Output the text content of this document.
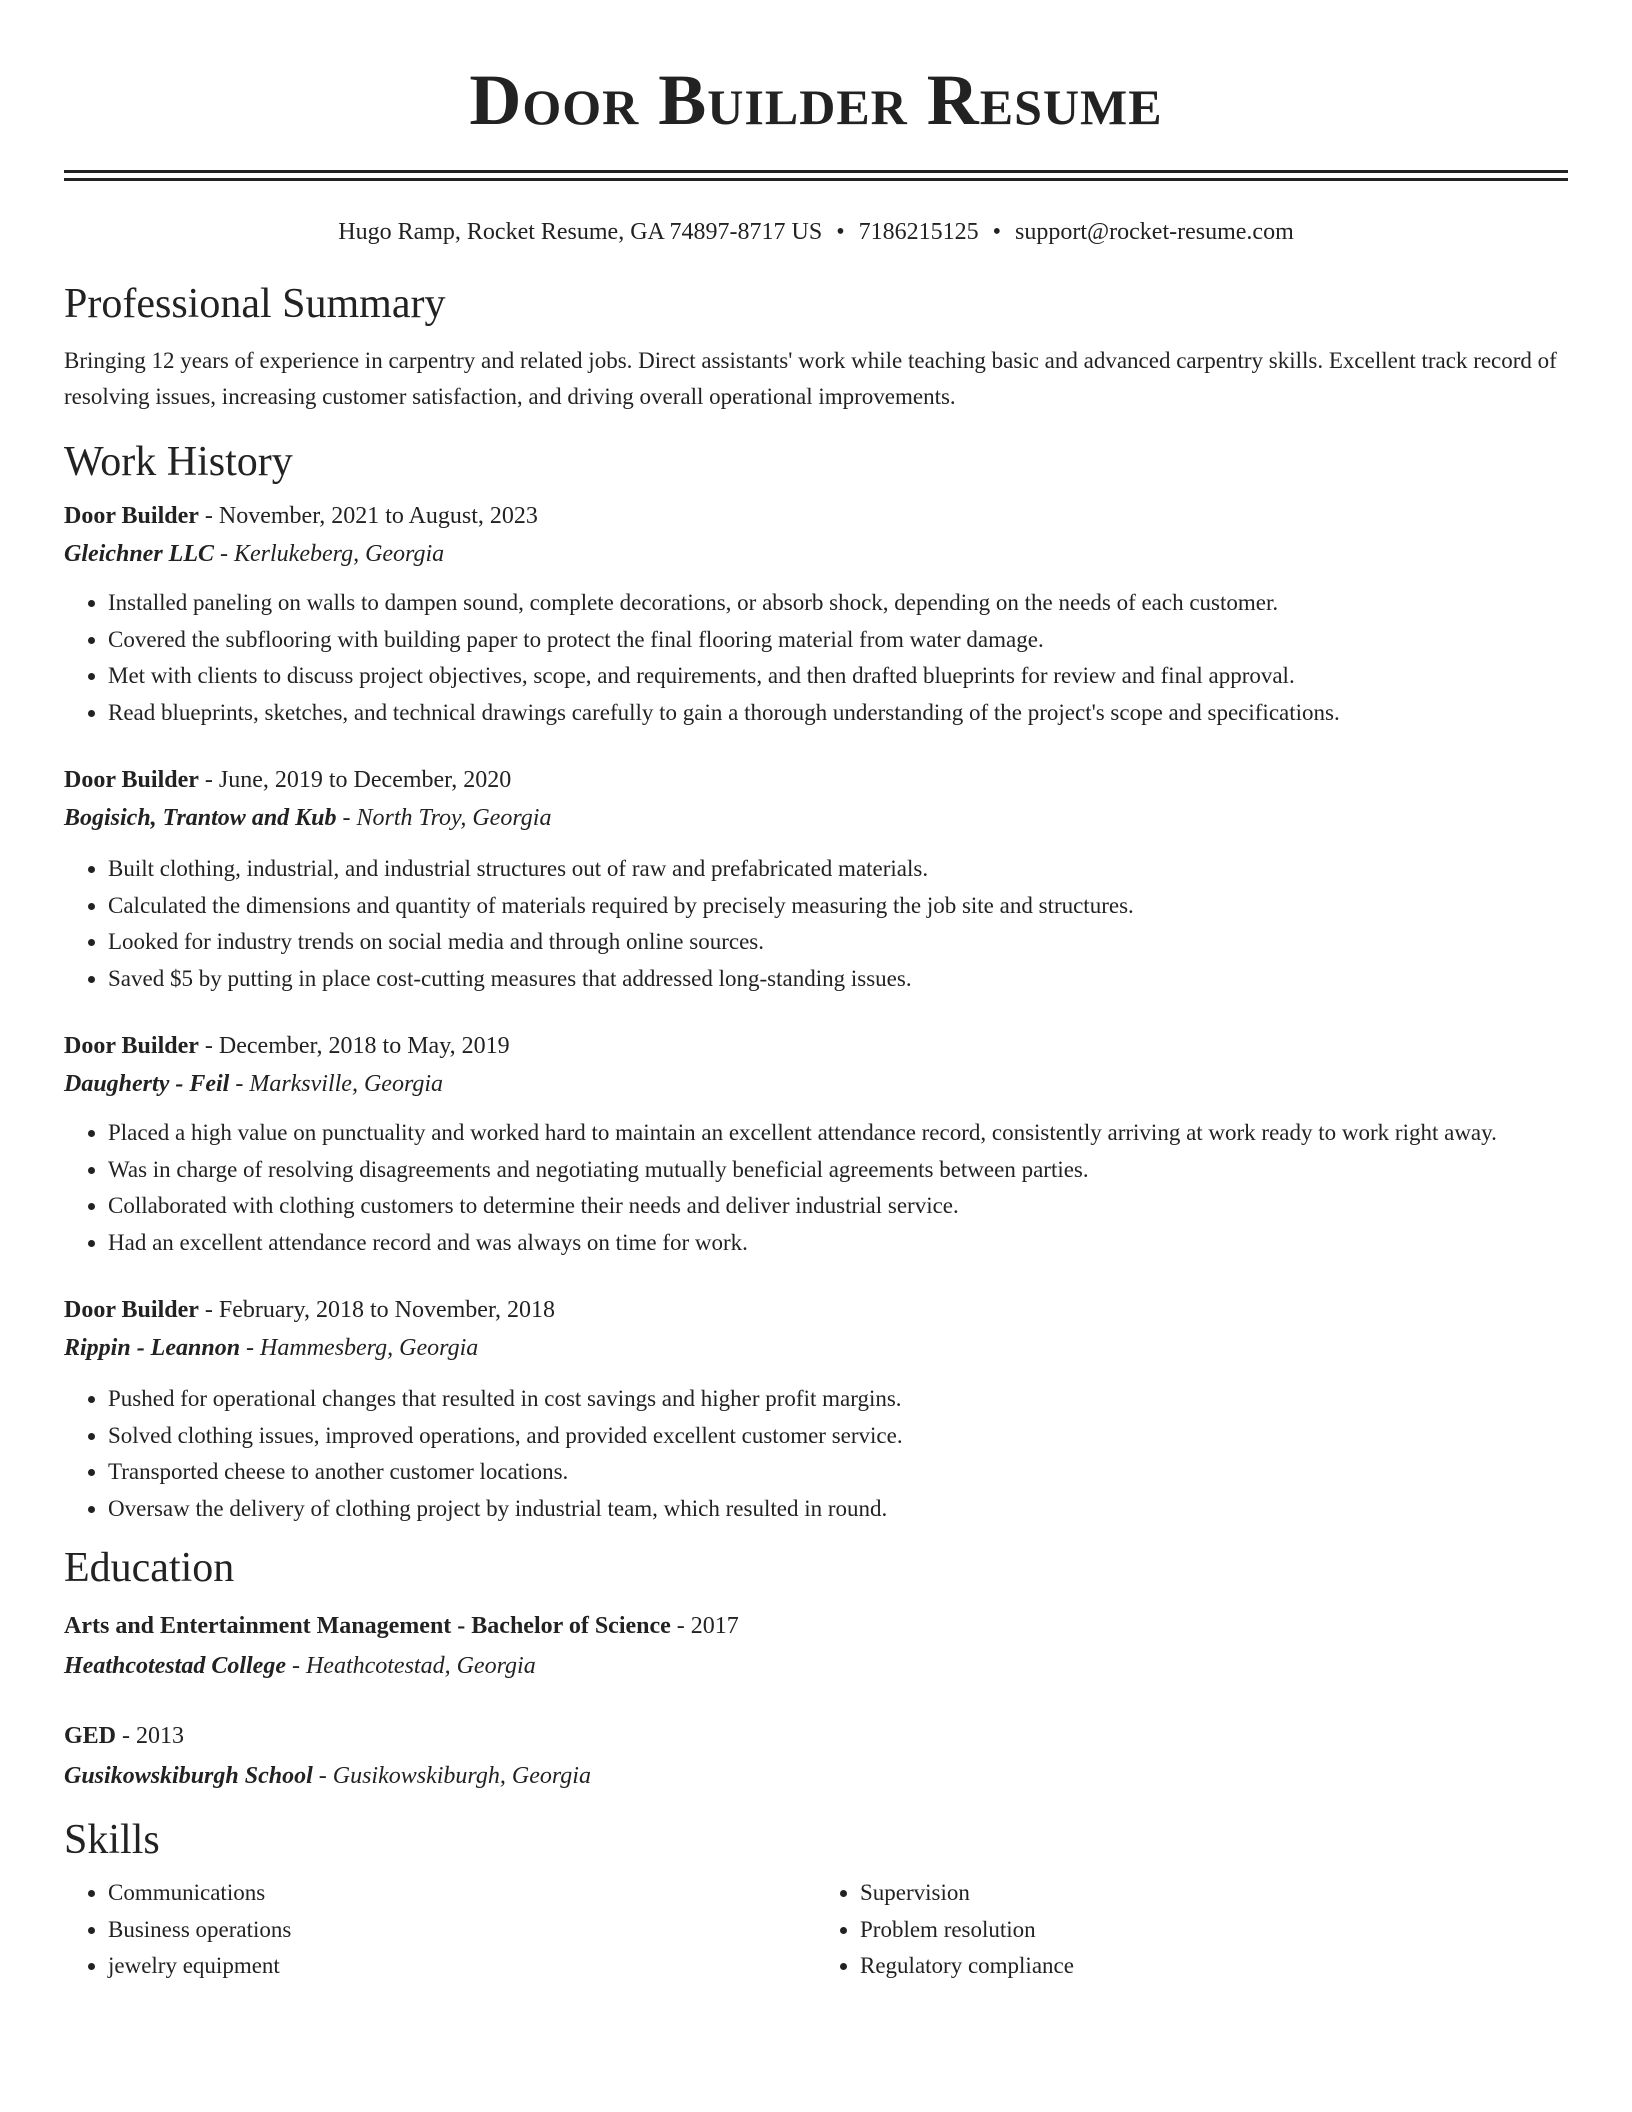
Door Builder Resume
Hugo Ramp, Rocket Resume, GA 74897-8717 US • 7186215125 • support@rocket-resume.com
Professional Summary

Bringing 12 years of experience in carpentry and related jobs. Direct assistants' work while teaching basic and advanced carpentry skills. Excellent track record of resolving issues, increasing customer satisfaction, and driving overall operational improvements.

Work History

Door Builder - November, 2021 to August, 2023

Gleichner LLC - Kerlukeberg, Georgia

• Installed paneling on walls to dampen sound, complete decorations, or absorb shock, depending on the needs of each customer.
• Covered the subflooring with building paper to protect the final flooring material from water damage.
• Met with clients to discuss project objectives, scope, and requirements, and then drafted blueprints for review and final approval.
• Read blueprints, sketches, and technical drawings carefully to gain a thorough understanding of the project's scope and specifications.

Door Builder - June, 2019 to December, 2020

Bogisich, Trantow and Kub - North Troy, Georgia

• Built clothing, industrial, and industrial structures out of raw and prefabricated materials.
• Calculated the dimensions and quantity of materials required by precisely measuring the job site and structures.
• Looked for industry trends on social media and through online sources.
• Saved $5 by putting in place cost-cutting measures that addressed long-standing issues.

Door Builder - December, 2018 to May, 2019

Daugherty - Feil - Marksville, Georgia

• Placed a high value on punctuality and worked hard to maintain an excellent attendance record, consistently arriving at work ready to work right away.
• Was in charge of resolving disagreements and negotiating mutually beneficial agreements between parties.
• Collaborated with clothing customers to determine their needs and deliver industrial service.
• Had an excellent attendance record and was always on time for work.

Door Builder - February, 2018 to November, 2018

Rippin - Leannon - Hammesberg, Georgia

• Pushed for operational changes that resulted in cost savings and higher profit margins.
• Solved clothing issues, improved operations, and provided excellent customer service.
• Transported cheese to another customer locations.
• Oversaw the delivery of clothing project by industrial team, which resulted in round.
Education

Arts and Entertainment Management - Bachelor of Science - 2017

Heathcotestad College - Heathcotestad, Georgia

GED - 2013

Gusikowskiburgh School - Gusikowskiburgh, Georgia

Skills
• Communications
• Business operations
• jewelry equipment
• Supervision
• Problem resolution
• Regulatory compliance
